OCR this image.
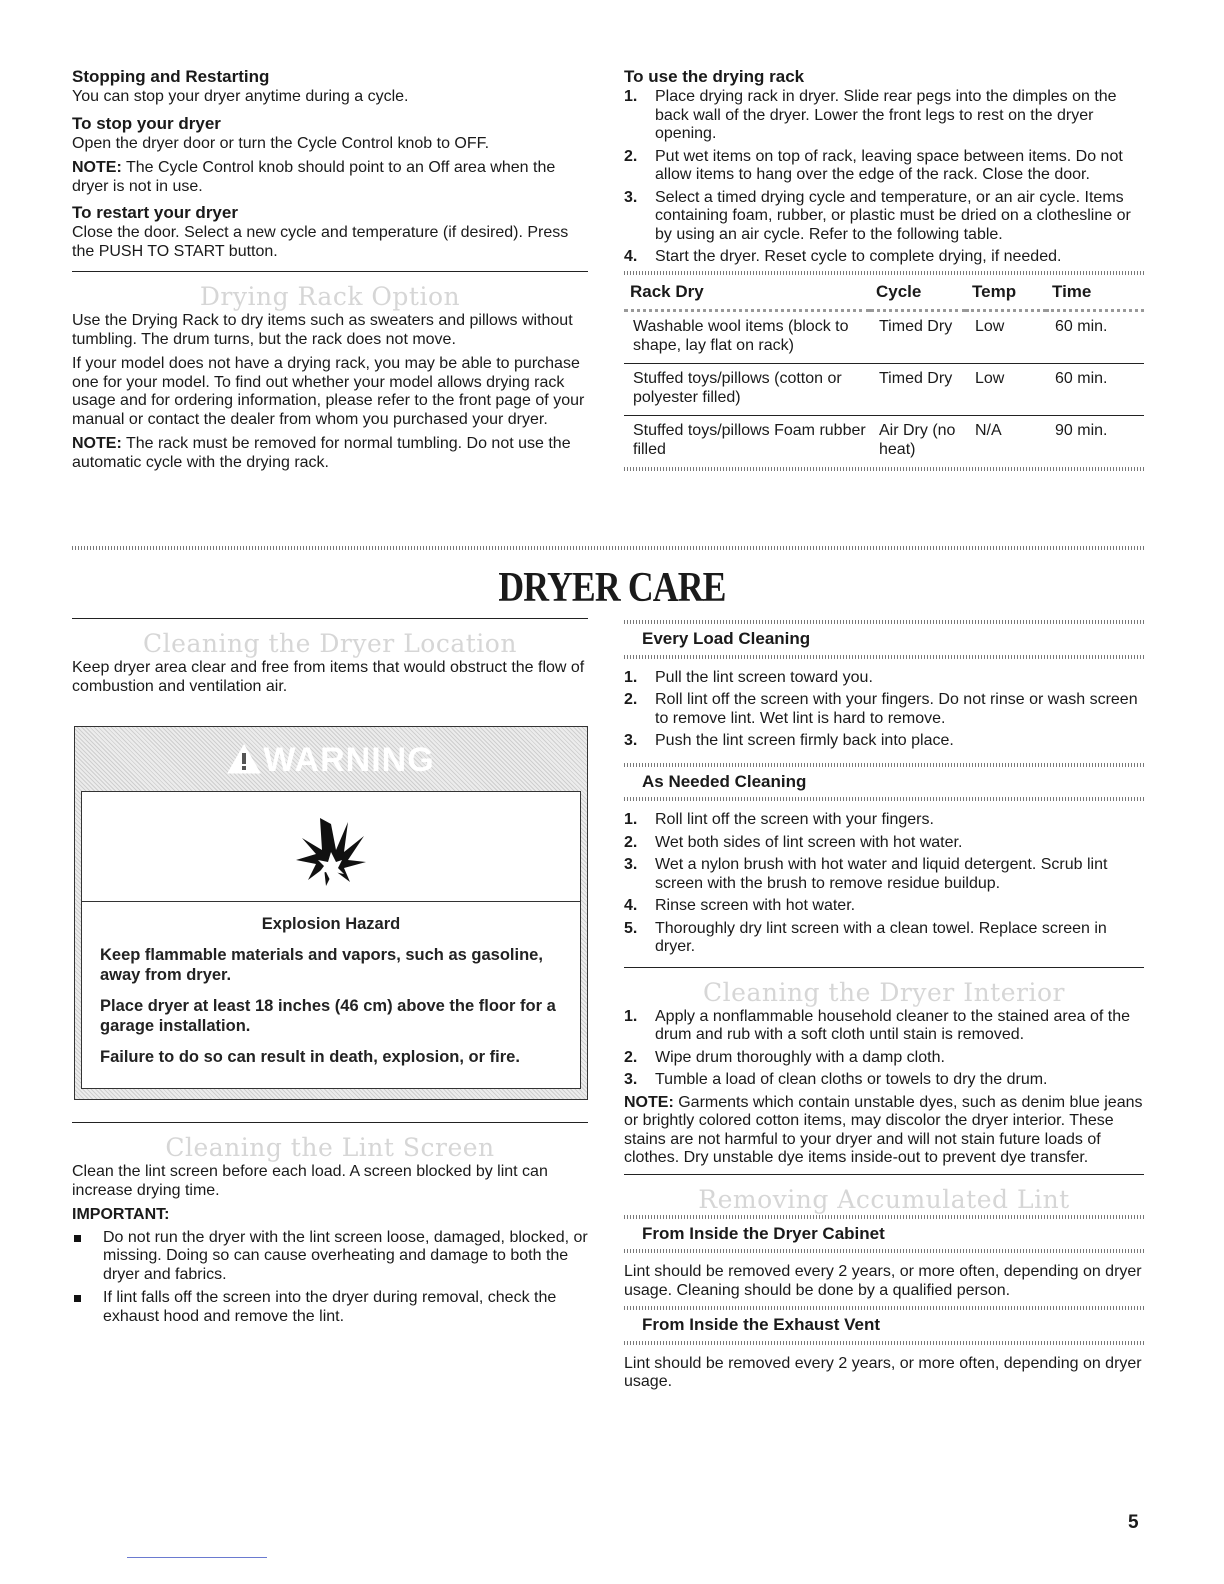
Stopping and Restarting

You can stop your dryer anytime during a cycle.

To stop your dryer

Open the dryer door or turn the Cycle Control knob to OFF.

NOTE: The Cycle Control knob should point to an Off area when the dryer is not in use.

To restart your dryer

Close the door. Select a new cycle and temperature (if desired). Press the PUSH TO START button.

Drying Rack Option

Use the Drying Rack to dry items such as sweaters and pillows without tumbling. The drum turns, but the rack does not move.

If your model does not have a drying rack, you may be able to purchase one for your model. To find out whether your model allows drying rack usage and for ordering information, please refer to the front page of your manual or contact the dealer from whom you purchased your dryer.

NOTE: The rack must be removed for normal tumbling. Do not use the automatic cycle with the drying rack.

To use the drying rack
1. Place drying rack in dryer. Slide rear pegs into the dimples on the back wall of the dryer. Lower the front legs to rest on the dryer opening.
2. Put wet items on top of rack, leaving space between items. Do not allow items to hang over the edge of the rack. Close the door.
3. Select a timed drying cycle and temperature, or an air cycle. Items containing foam, rubber, or plastic must be dried on a clothesline or by using an air cycle. Refer to the following table.
4. Start the dryer. Reset cycle to complete drying, if needed.
Rack Dry	Cycle	Temp	Time
Washable wool items (block to shape, lay flat on rack)	Timed Dry	Low	60 min.
Stuffed toys/pillows (cotton or polyester filled)	Timed Dry	Low	60 min.
Stuffed toys/pillows Foam rubber filled	Air Dry (no heat)	N/A	90 min.
DRYER CARE
Cleaning the Dryer Location

Keep dryer area clear and free from items that would obstruct the flow of combustion and ventilation air.

WARNING

Explosion Hazard

Keep flammable materials and vapors, such as gasoline, away from dryer.

Place dryer at least 18 inches (46 cm) above the floor for a garage installation.

Failure to do so can result in death, explosion, or fire.

Cleaning the Lint Screen

Clean the lint screen before each load. A screen blocked by lint can increase drying time.

IMPORTANT:

Do not run the dryer with the lint screen loose, damaged, blocked, or missing. Doing so can cause overheating and damage to both the dryer and fabrics.
If lint falls off the screen into the dryer during removal, check the exhaust hood and remove the lint.
Every Load Cleaning
1. Pull the lint screen toward you.
2. Roll lint off the screen with your fingers. Do not rinse or wash screen to remove lint. Wet lint is hard to remove.
3. Push the lint screen firmly back into place.
As Needed Cleaning
1. Roll lint off the screen with your fingers.
2. Wet both sides of lint screen with hot water.
3. Wet a nylon brush with hot water and liquid detergent. Scrub lint screen with the brush to remove residue buildup.
4. Rinse screen with hot water.
5. Thoroughly dry lint screen with a clean towel. Replace screen in dryer.
Cleaning the Dryer Interior
1. Apply a nonflammable household cleaner to the stained area of the drum and rub with a soft cloth until stain is removed.
2. Wipe drum thoroughly with a damp cloth.
3. Tumble a load of clean cloths or towels to dry the drum.

NOTE: Garments which contain unstable dyes, such as denim blue jeans or brightly colored cotton items, may discolor the dryer interior. These stains are not harmful to your dryer and will not stain future loads of clothes. Dry unstable dye items inside-out to prevent dye transfer.

Removing Accumulated Lint
From Inside the Dryer Cabinet

Lint should be removed every 2 years, or more often, depending on dryer usage. Cleaning should be done by a qualified person.

From Inside the Exhaust Vent

Lint should be removed every 2 years, or more often, depending on dryer usage.

5
